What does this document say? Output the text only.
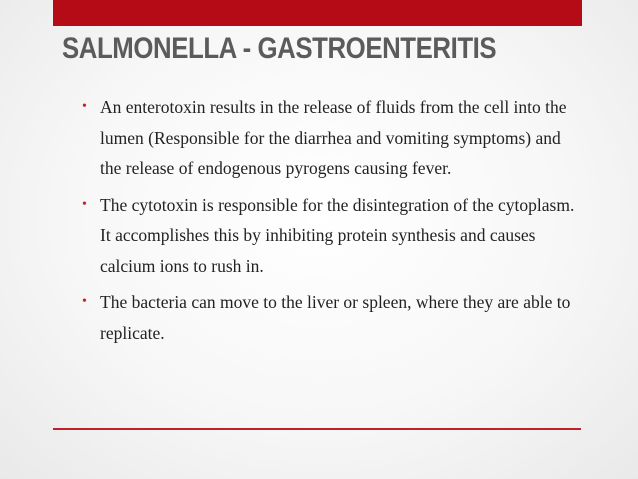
SALMONELLA - GASTROENTERITIS
• An enterotoxin results in the release of fluids from the cell into the lumen (Responsible for the diarrhea and vomiting symptoms) and the release of endogenous pyrogens causing fever.
• The cytotoxin is responsible for the disintegration of the cytoplasm. It accomplishes this by inhibiting protein synthesis and causes calcium ions to rush in.
• The bacteria can move to the liver or spleen, where they are able to replicate.
